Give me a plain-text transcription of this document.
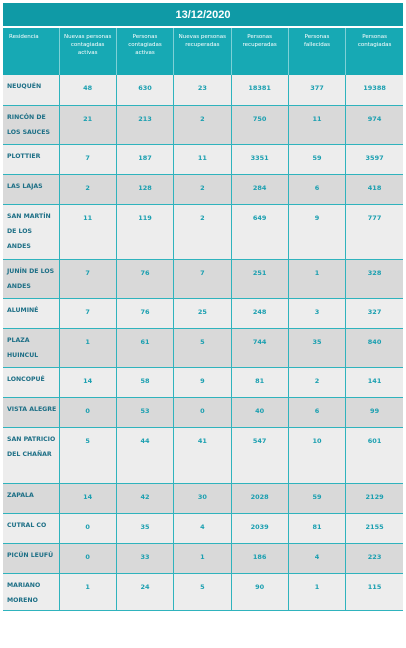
13/12/2020
Residencia	Nuevas personas contagiadas activas	Personas contagiadas activas	Nuevas personas recuperadas	Personas recuperadas	Personas fallecidas	Personas contagiadas
NEUQUÉN	48	630	23	18381	377	19388
RINCÓN DE LOS SAUCES	21	213	2	750	11	974
PLOTTIER	7	187	11	3351	59	3597
LAS LAJAS	2	128	2	284	6	418
SAN MARTÍN DE LOS ANDES	11	119	2	649	9	777
JUNÍN DE LOS ANDES	7	76	7	251	1	328
ALUMINÉ	7	76	25	248	3	327
PLAZA HUINCUL	1	61	5	744	35	840
LONCOPUÉ	14	58	9	81	2	141
VISTA ALEGRE	0	53	0	40	6	99
SAN PATRICIO DEL CHAÑAR	5	44	41	547	10	601
ZAPALA	14	42	30	2028	59	2129
CUTRAL CO	0	35	4	2039	81	2155
PICÚN LEUFÚ	0	33	1	186	4	223
MARIANO MORENO	1	24	5	90	1	115
